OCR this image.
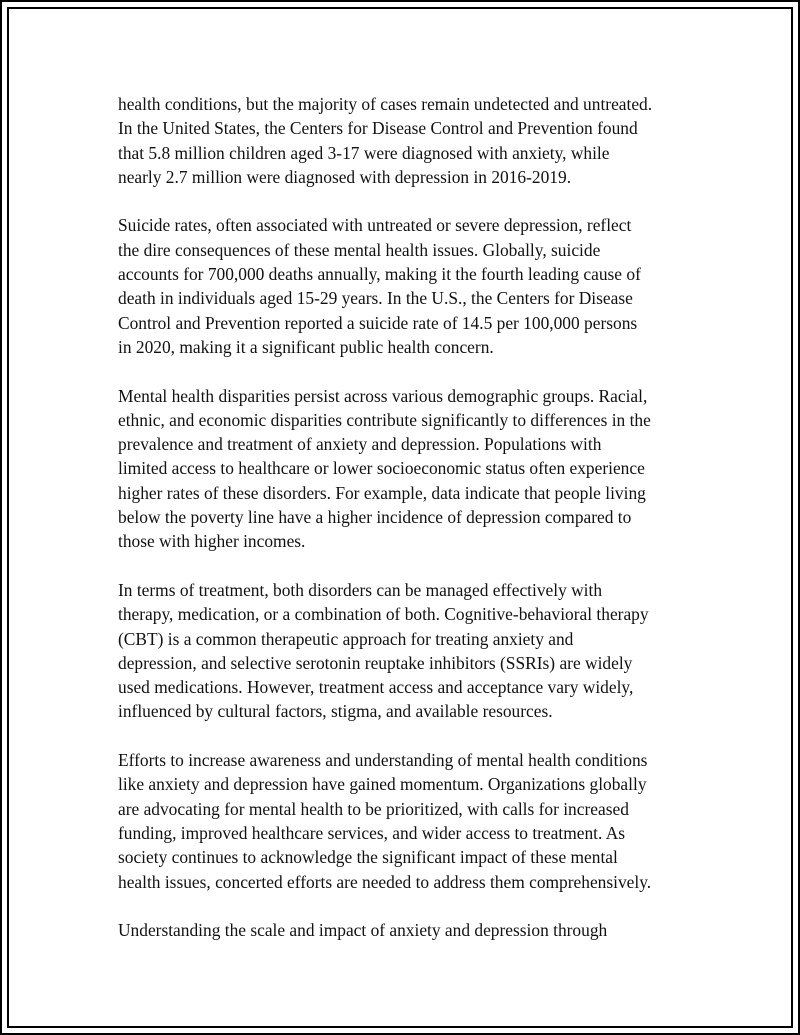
health conditions, but the majority of cases remain undetected and untreated.
In the United States, the Centers for Disease Control and Prevention found
that 5.8 million children aged 3-17 were diagnosed with anxiety, while
nearly 2.7 million were diagnosed with depression in 2016-2019.
Suicide rates, often associated with untreated or severe depression, reflect
the dire consequences of these mental health issues. Globally, suicide
accounts for 700,000 deaths annually, making it the fourth leading cause of
death in individuals aged 15-29 years. In the U.S., the Centers for Disease
Control and Prevention reported a suicide rate of 14.5 per 100,000 persons
in 2020, making it a significant public health concern.
Mental health disparities persist across various demographic groups. Racial,
ethnic, and economic disparities contribute significantly to differences in the
prevalence and treatment of anxiety and depression. Populations with
limited access to healthcare or lower socioeconomic status often experience
higher rates of these disorders. For example, data indicate that people living
below the poverty line have a higher incidence of depression compared to
those with higher incomes.
In terms of treatment, both disorders can be managed effectively with
therapy, medication, or a combination of both. Cognitive-behavioral therapy
(CBT) is a common therapeutic approach for treating anxiety and
depression, and selective serotonin reuptake inhibitors (SSRIs) are widely
used medications. However, treatment access and acceptance vary widely,
influenced by cultural factors, stigma, and available resources.
Efforts to increase awareness and understanding of mental health conditions
like anxiety and depression have gained momentum. Organizations globally
are advocating for mental health to be prioritized, with calls for increased
funding, improved healthcare services, and wider access to treatment. As
society continues to acknowledge the significant impact of these mental
health issues, concerted efforts are needed to address them comprehensively.
Understanding the scale and impact of anxiety and depression through
